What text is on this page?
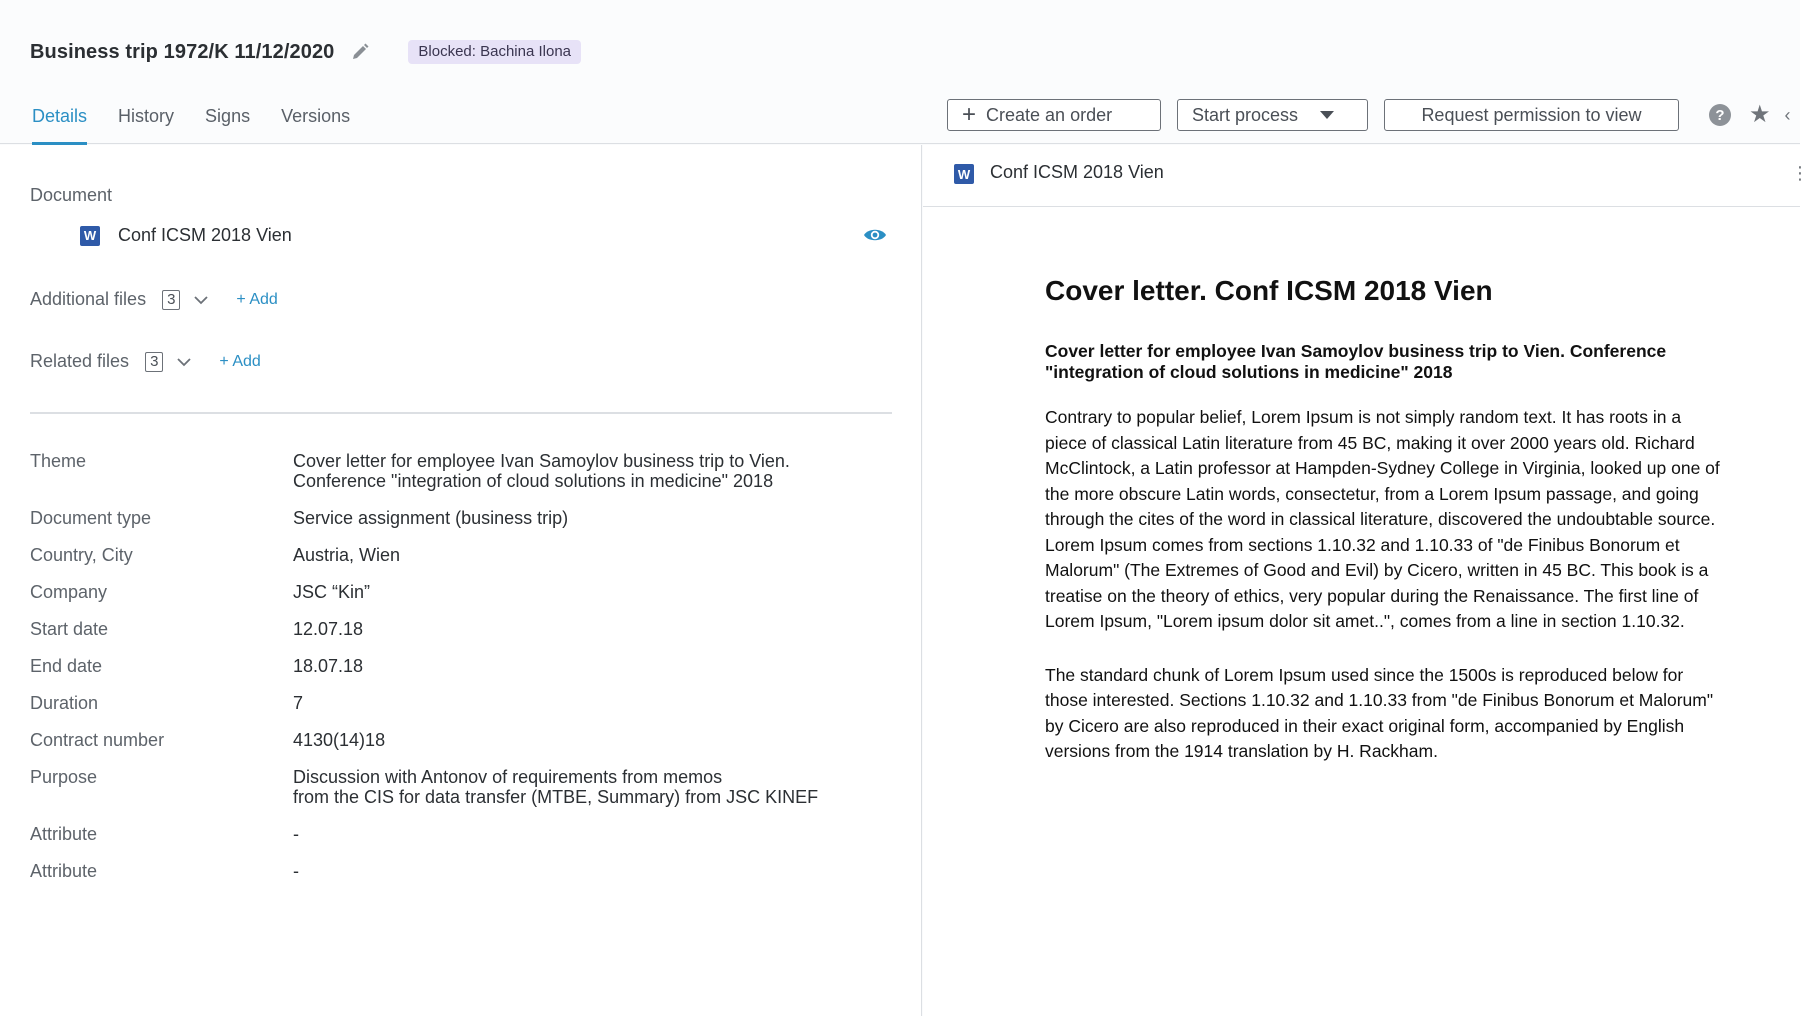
Business trip 1972/K 11/12/2020	Blocked: Bachina Ilona
Details History Signs Versions	+ Create an order	Start process	Request permission to view	? ★ ‹
Document
W Conf ICSM 2018 Vien
Additional files	3	+ Add
Related files	3	+ Add
Theme	Cover letter for employee Ivan Samoylov business trip to Vien.
Conference "integration of cloud solutions in medicine" 2018
Document type	Service assignment (business trip)
Country, City	Austria, Wien
Company	JSC “Kin”
Start date	12.07.18
End date	18.07.18
Duration	7
Contract number	4130(14)18
Purpose	Discussion with Antonov of requirements from memos
from the CIS for data transfer (MTBE, Summary) from JSC KINEF
Attribute	-
Attribute	-
W Conf ICSM 2018 Vien	⋮
Cover letter. Conf ICSM 2018 Vien
Cover letter for employee Ivan Samoylov business trip to Vien. Conference "integration of cloud solutions in medicine" 2018

Contrary to popular belief, Lorem Ipsum is not simply random text. It has roots in a piece of classical Latin literature from 45 BC, making it over 2000 years old. Richard McClintock, a Latin professor at Hampden-Sydney College in Virginia, looked up one of the more obscure Latin words, consectetur, from a Lorem Ipsum passage, and going through the cites of the word in classical literature, discovered the undoubtable source. Lorem Ipsum comes from sections 1.10.32 and 1.10.33 of "de Finibus Bonorum et Malorum" (The Extremes of Good and Evil) by Cicero, written in 45 BC. This book is a treatise on the theory of ethics, very popular during the Renaissance. The first line of Lorem Ipsum, "Lorem ipsum dolor sit amet..", comes from a line in section 1.10.32.

The standard chunk of Lorem Ipsum used since the 1500s is reproduced below for those interested. Sections 1.10.32 and 1.10.33 from "de Finibus Bonorum et Malorum" by Cicero are also reproduced in their exact original form, accompanied by English versions from the 1914 translation by H. Rackham.
